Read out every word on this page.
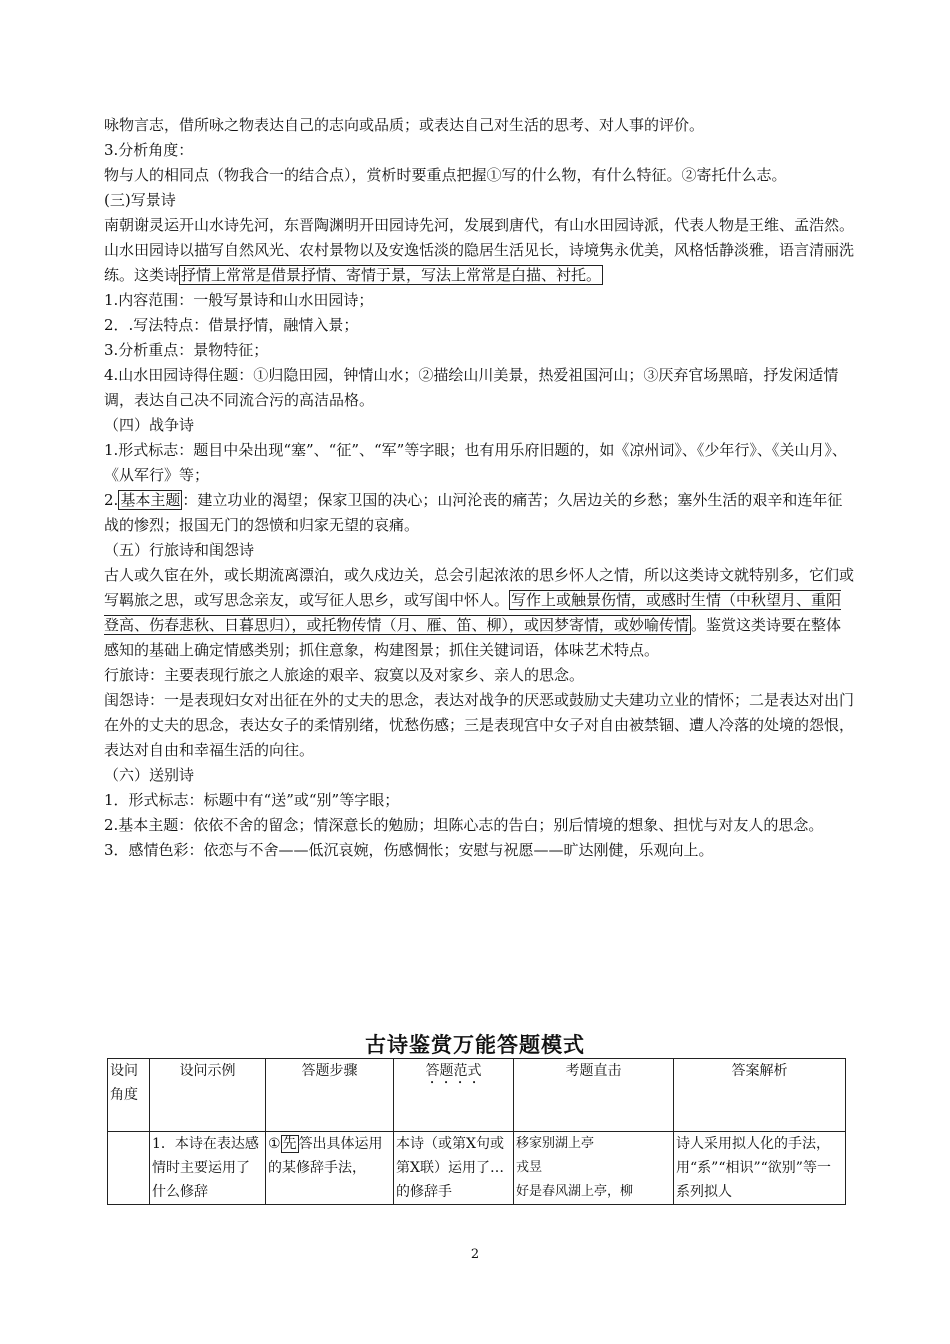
咏物言志，借所咏之物表达自己的志向或品质；或表达自己对生活的思考、对人事的评价。

3.分析角度：

物与人的相同点（物我合一的结合点），赏析时要重点把握①写的什么物，有什么特征。②寄托什么志。

(三)写景诗

南朝谢灵运开山水诗先河，东晋陶渊明开田园诗先河，发展到唐代，有山水田园诗派，代表人物是王维、孟浩然。山水田园诗以描写自然风光、农村景物以及安逸恬淡的隐居生活见长，诗境隽永优美，风格恬静淡雅，语言清丽洗练。这类诗 抒情上常常是借景抒情、寄情于景，写法上常常是白描、衬托。

1.内容范围：一般写景诗和山水田园诗；

2．.写法特点：借景抒情，融情入景；

3.分析重点：景物特征；

4.山水田园诗得住题：①归隐田园，钟情山水；②描绘山川美景，热爱祖国河山；③厌弃官场黑暗，抒发闲适情调，表达自己决不同流合污的高洁品格。

（四）战争诗

1.形式标志：题目中朵出现“塞”、“征”、“军”等字眼；也有用乐府旧题的，如《凉州词》、《少年行》、《关山月》、《从军行》等；

2. 基本主题 ：建立功业的渴望；保家卫国的决心；山河沦丧的痛苦；久居边关的乡愁；塞外生活的艰辛和连年征战的惨烈；报国无门的怨愤和归家无望的哀痛。

（五）行旅诗和闺怨诗

古人或久宦在外，或长期流离漂泊，或久戍边关，总会引起浓浓的思乡怀人之情，所以这类诗文就特别多，它们或写羁旅之思，或写思念亲友，或写征人思乡，或写闺中怀人。 写作上或触景伤情，或感时生情（中秋望月、重阳登高、伤春悲秋、日暮思归），或托物传情（月、雁、笛、柳），或因梦寄情，或妙喻传情 。鉴赏这类诗要在整体感知的基础上确定情感类别；抓住意象，构建图景；抓住关键词语，体味艺术特点。

行旅诗：主要表现行旅之人旅途的艰辛、寂寞以及对家乡、亲人的思念。

闺怨诗：一是表现妇女对出征在外的丈夫的思念，表达对战争的厌恶或鼓励丈夫建功立业的情怀；二是表达对出门在外的丈夫的思念，表达女子的柔情别绪，忧愁伤感；三是表现宫中女子对自由被禁锢、遭人冷落的处境的怨恨，表达对自由和幸福生活的向往。

（六）送别诗

1．形式标志：标题中有“送”或“别”等字眼；

2.基本主题：依依不舍的留念；情深意长的勉励；坦陈心志的告白；别后情境的想象、担忧与对友人的思念。

3．感情色彩：依恋与不舍——低沉哀婉，伤感惆怅；安慰与祝愿——旷达刚健，乐观向上。

古诗鉴赏万能答题模式
设问角度	设问示例	答题步骤	答题范式	考题直击	答案解析
	1．本诗在表达感情时主要运用了什么修辞	① 先 答出具体运用的某修辞手法，	本诗（或第X句或第X联）运用了…的修辞手	移家别湖上亭
戎昱
好是春风湖上亭，柳	诗人采用拟人化的手法，用“系”“相识”“欲别”等一系列拟人
2
